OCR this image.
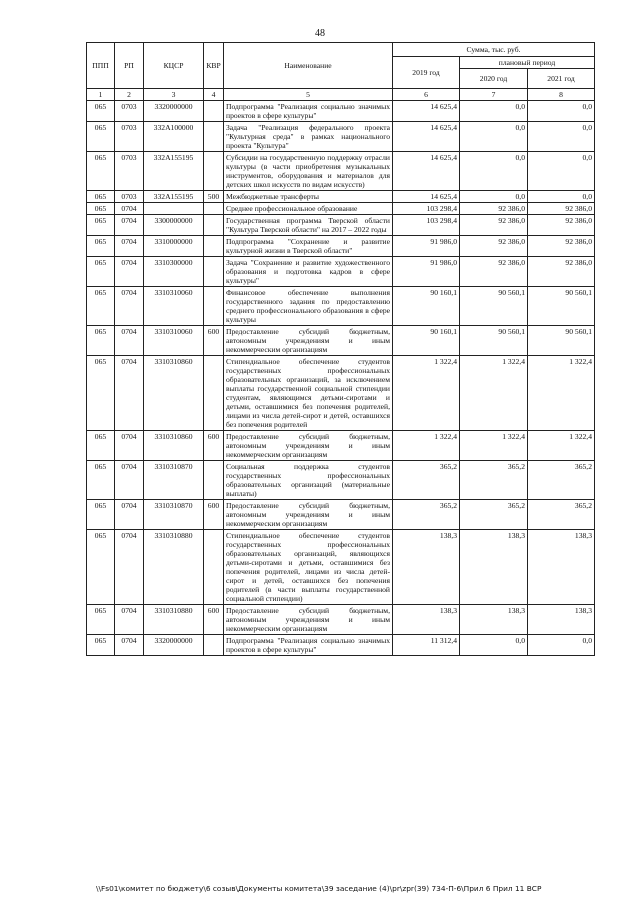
48
ППП	РП	КЦСР	КВР	Наименование	Сумма, тыс. руб.		
					2019 год	плановый период	
						2020 год	2021 год
1	2	3	4	5	6	7	8
065	0703	3320000000		Подпрограмма "Реализация социально значимых проектов в сфере культуры"	14 625,4	0,0	0,0
065	0703	332А100000		Задача "Реализация федерального проекта "Культурная среда" в рамках национального проекта "Культура"	14 625,4	0,0	0,0
065	0703	332А155195		Субсидии на государственную поддержку отрасли культуры (в части приобретения музыкальных инструментов, оборудования и материалов для детских школ искусств по видам искусств)	14 625,4	0,0	0,0
065	0703	332А155195	500	Межбюджетные трансферты	14 625,4	0,0	0,0
065	0704			Среднее профессиональное образование	103 298,4	92 386,0	92 386,0
065	0704	3300000000		Государственная программа Тверской области "Культура Тверской области" на 2017 – 2022 годы	103 298,4	92 386,0	92 386,0
065	0704	3310000000		Подпрограмма "Сохранение и развитие культурной жизни в Тверской области"	91 986,0	92 386,0	92 386,0
065	0704	3310300000		Задача "Сохранение и развитие художественного образования и подготовка кадров в сфере культуры"	91 986,0	92 386,0	92 386,0
065	0704	3310310060		Финансовое обеспечение выполнения государственного задания по предоставлению среднего профессионального образования в сфере культуры	90 160,1	90 560,1	90 560,1
065	0704	3310310060	600	Предоставление субсидий бюджетным, автономным учреждениям и иным некоммерческим организациям	90 160,1	90 560,1	90 560,1
065	0704	3310310860		Стипендиальное обеспечение студентов государственных профессиональных образовательных организаций, за исключением выплаты государственной социальной стипендии студентам, являющимся детьми-сиротами и детьми, оставшимися без попечения родителей, лицами из числа детей-сирот и детей, оставшихся без попечения родителей	1 322,4	1 322,4	1 322,4
065	0704	3310310860	600	Предоставление субсидий бюджетным, автономным учреждениям и иным некоммерческим организациям	1 322,4	1 322,4	1 322,4
065	0704	3310310870		Социальная поддержка студентов государственных профессиональных образовательных организаций (материальные выплаты)	365,2	365,2	365,2
065	0704	3310310870	600	Предоставление субсидий бюджетным, автономным учреждениям и иным некоммерческим организациям	365,2	365,2	365,2
065	0704	3310310880		Стипендиальное обеспечение студентов государственных профессиональных образовательных организаций, являющихся детьми-сиротами и детьми, оставшимися без попечения родителей, лицами из числа детей-сирот и детей, оставшихся без попечения родителей (в части выплаты государственной социальной стипендии)	138,3	138,3	138,3
065	0704	3310310880	600	Предоставление субсидий бюджетным, автономным учреждениям и иным некоммерческим организациям	138,3	138,3	138,3
065	0704	3320000000		Подпрограмма "Реализация социально значимых проектов в сфере культуры"	11 312,4	0,0	0,0
\\Fs01\комитет по бюджету\6 созыв\Документы комитета\39 заседание (4)\pr\zpr(39) 734-П-6\Прил 6 Прил 11 ВСР
